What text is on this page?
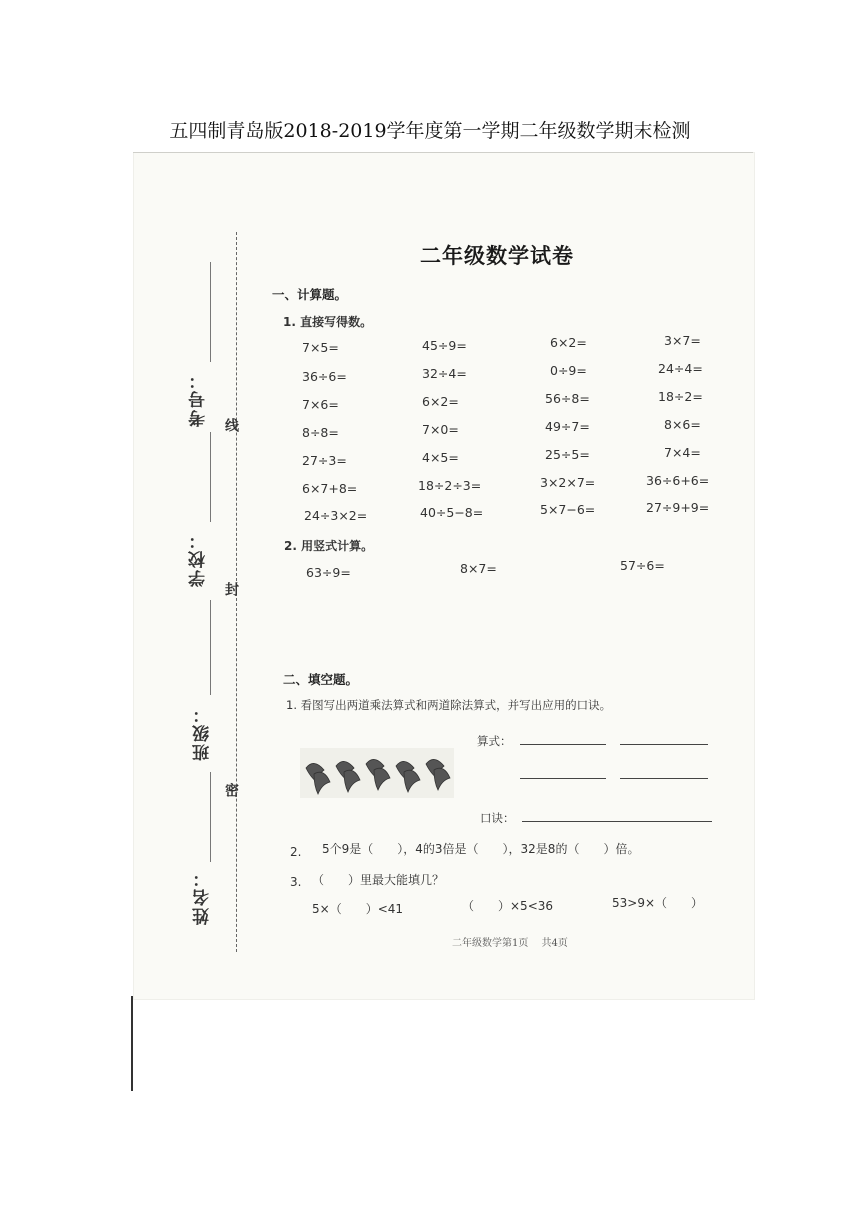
五四制青岛版2018-2019学年度第一学期二年级数学期末检测
考号：
学校：
班级：
姓名：
线
封
密
二年级数学试卷
一、计算题。
1. 直接写得数。
7×5=	45÷9=	6×2=	3×7=
36÷6=	32÷4=	0÷9=	24÷4=
7×6=	6×2=	56÷8=	18÷2=
8÷8=	7×0=	49÷7=	8×6=
27÷3=	4×5=	25÷5=	7×4=
6×7+8=	18÷2÷3=	3×2×7=	36÷6+6=
24÷3×2=	40÷5−8=	5×7−6=	27÷9+9=
2. 用竖式计算。
63÷9=	8×7=	57÷6=
二、填空题。
1. 看图写出两道乘法算式和两道除法算式，并写出应用的口诀。
算式：
口诀：
2. 5个9是（　　），4的3倍是（　　），32是8的（　　）倍。
3. （　　）里最大能填几？
5×（　　）<41	（　　）×5<36	53>9×（　　）
二年级数学第1页　 共4页
